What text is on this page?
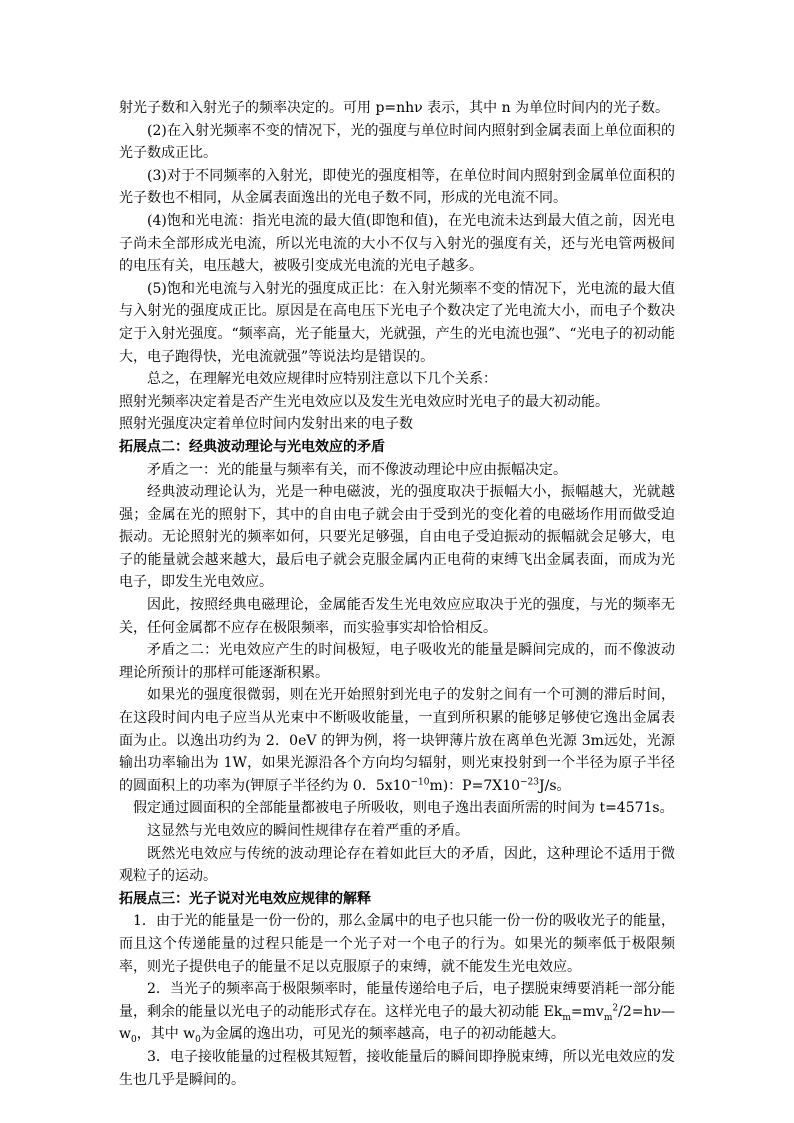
射光子数和入射光子的频率决定的。可用 p=nhν 表示，其中 n 为单位时间内的光子数。

(2)在入射光频率不变的情况下，光的强度与单位时间内照射到金属表面上单位面积的光子数成正比。

(3)对于不同频率的入射光，即使光的强度相等，在单位时间内照射到金属单位面积的光子数也不相同，从金属表面逸出的光电子数不同，形成的光电流不同。

(4)饱和光电流：指光电流的最大值(即饱和值)，在光电流未达到最大值之前，因光电子尚未全部形成光电流，所以光电流的大小不仅与入射光的强度有关，还与光电管两极间的电压有关，电压越大，被吸引变成光电流的光电子越多。

(5)饱和光电流与入射光的强度成正比：在入射光频率不变的情况下，光电流的最大值与入射光的强度成正比。原因是在高电压下光电子个数决定了光电流大小，而电子个数决定于入射光强度。“频率高，光子能量大，光就强，产生的光电流也强”、“光电子的初动能大，电子跑得快，光电流就强”等说法均是错误的。

总之，在理解光电效应规律时应特别注意以下几个关系：

照射光频率决定着是否产生光电效应以及发生光电效应时光电子的最大初动能。

照射光强度决定着单位时间内发射出来的电子数

拓展点二：经典波动理论与光电效应的矛盾

矛盾之一：光的能量与频率有关，而不像波动理论中应由振幅决定。

经典波动理论认为，光是一种电磁波，光的强度取决于振幅大小，振幅越大，光就越强；金属在光的照射下，其中的自由电子就会由于受到光的变化着的电磁场作用而做受迫振动。无论照射光的频率如何，只要光足够强，自由电子受迫振动的振幅就会足够大，电子的能量就会越来越大，最后电子就会克服金属内正电荷的束缚飞出金属表面，而成为光电子，即发生光电效应。

因此，按照经典电磁理论，金属能否发生光电效应应取决于光的强度，与光的频率无关，任何金属都不应存在极限频率，而实验事实却恰恰相反。

矛盾之二：光电效应产生的时间极短，电子吸收光的能量是瞬间完成的，而不像波动理论所预计的那样可能逐渐积累。

如果光的强度很微弱，则在光开始照射到光电子的发射之间有一个可测的滞后时间，在这段时间内电子应当从光束中不断吸收能量，一直到所积累的能够足够使它逸出金属表面为止。以逸出功约为 2．0eV 的钾为例，将一块钾薄片放在离单色光源 3m远处，光源输出功率输出为 1W，如果光源沿各个方向均匀辐射，则光束投射到一个半径为原子半径的圆面积上的功率为(钾原子半径约为 0．$5x10^{-10}m$)：$P=7X10^{-23}J/s$。

假定通过圆面积的全部能量都被电子所吸收，则电子逸出表面所需的时间为 t=4571s。

这显然与光电效应的瞬间性规律存在着严重的矛盾。

既然光电效应与传统的波动理论存在着如此巨大的矛盾，因此，这种理论不适用于微观粒子的运动。

拓展点三：光子说对光电效应规律的解释

1．由于光的能量是一份一份的，那么金属中的电子也只能一份一份的吸收光子的能量，而且这个传递能量的过程只能是一个光子对一个电子的行为。如果光的频率低于极限频率，则光子提供电子的能量不足以克服原子的束缚，就不能发生光电效应。

2．当光子的频率高于极限频率时，能量传递给电子后，电子摆脱束缚要消耗一部分能量，剩余的能量以光电子的动能形式存在。这样光电子的最大初动能 $Ek_m=mv_m^2/2=h\nu—w_0$，其中 $w_0$为金属的逸出功，可见光的频率越高，电子的初动能越大。

3．电子接收能量的过程极其短暂，接收能量后的瞬间即挣脱束缚，所以光电效应的发生也几乎是瞬间的。
